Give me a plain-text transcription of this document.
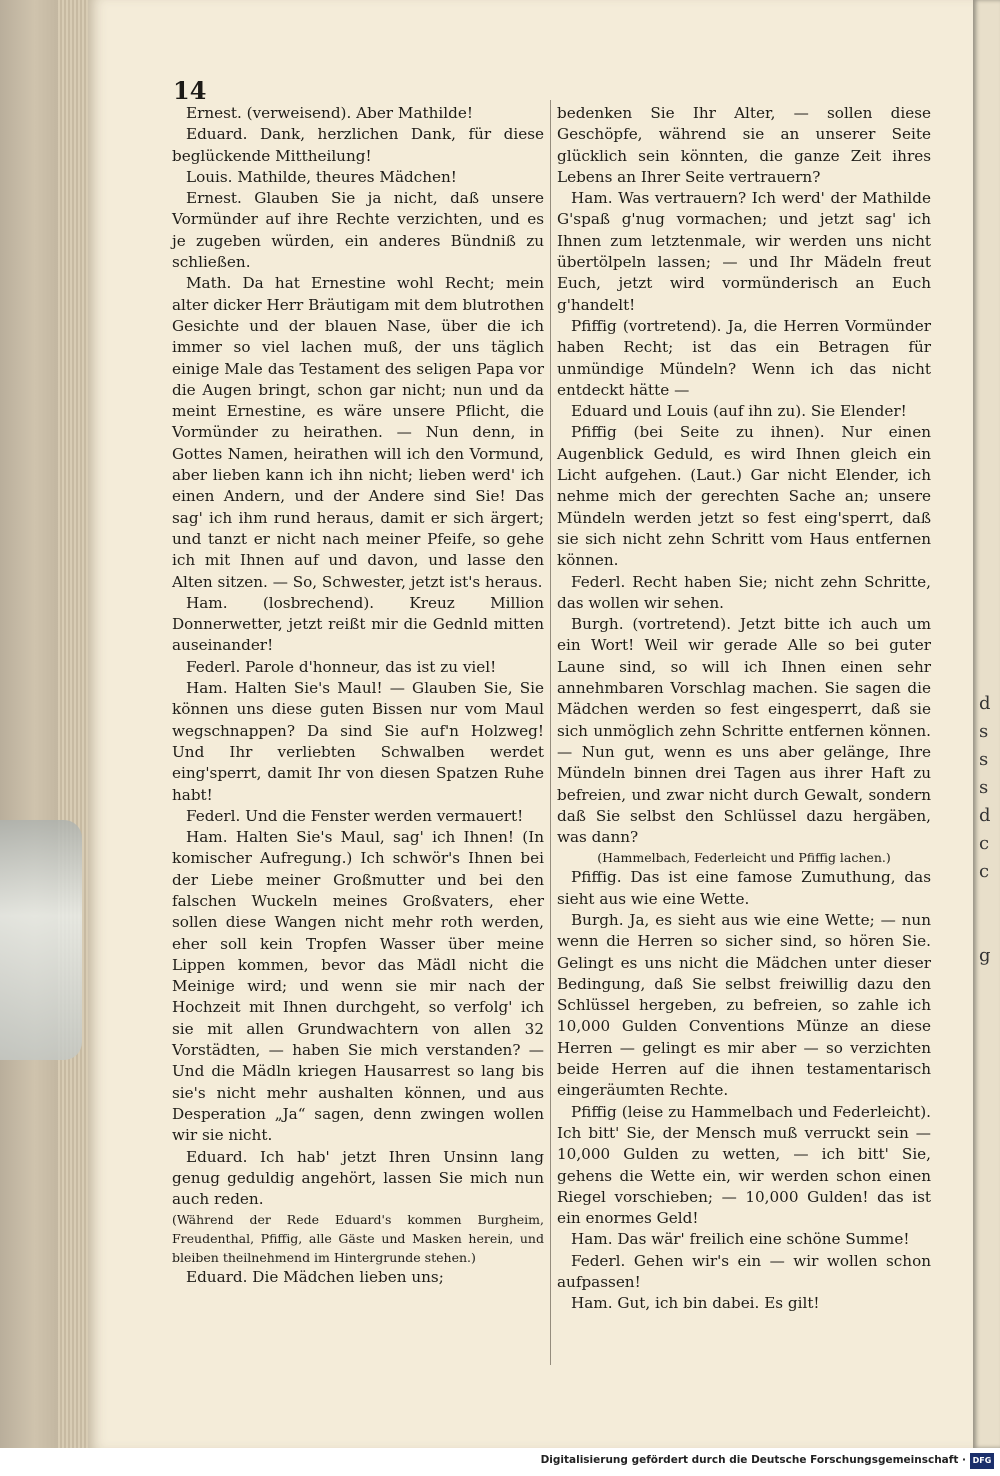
d
s
s
s
d
c
c

g
14

Ernest. (verweisend). Aber Mathilde!

Eduard. Dank, herzlichen Dank, für diese beglückende Mittheilung!

Louis. Mathilde, theures Mädchen!

Ernest. Glauben Sie ja nicht, daß unsere Vormünder auf ihre Rechte verzichten, und es je zugeben würden, ein anderes Bündniß zu schließen.

Math. Da hat Ernestine wohl Recht; mein alter dicker Herr Bräutigam mit dem blutrothen Gesichte und der blauen Nase, über die ich immer so viel lachen muß, der uns täglich einige Male das Testament des seligen Papa vor die Augen bringt, schon gar nicht; nun und da meint Ernestine, es wäre unsere Pflicht, die Vormünder zu heirathen. — Nun denn, in Gottes Namen, heirathen will ich den Vormund, aber lieben kann ich ihn nicht; lieben werd' ich einen Andern, und der Andere sind Sie! Das sag' ich ihm rund heraus, damit er sich ärgert; und tanzt er nicht nach meiner Pfeife, so gehe ich mit Ihnen auf und davon, und lasse den Alten sitzen. — So, Schwester, jetzt ist's heraus.

Ham. (losbrechend). Kreuz Million Donnerwetter, jetzt reißt mir die Gednld mitten auseinander!

Federl. Parole d'honneur, das ist zu viel!

Ham. Halten Sie's Maul! — Glauben Sie, Sie können uns diese guten Bissen nur vom Maul wegschnappen? Da sind Sie auf'n Holzweg! Und Ihr verliebten Schwalben werdet eing'sperrt, damit Ihr von diesen Spatzen Ruhe habt!

Federl. Und die Fenster werden vermauert!

Ham. Halten Sie's Maul, sag' ich Ihnen! (In komischer Aufregung.) Ich schwör's Ihnen bei der Liebe meiner Großmutter und bei den falschen Wuckeln meines Großvaters, eher sollen diese Wangen nicht mehr roth werden, eher soll kein Tropfen Wasser über meine Lippen kommen, bevor das Mädl nicht die Meinige wird; und wenn sie mir nach der Hochzeit mit Ihnen durchgeht, so verfolg' ich sie mit allen Grundwachtern von allen 32 Vorstädten, — haben Sie mich verstanden? — Und die Mädln kriegen Hausarrest so lang bis sie's nicht mehr aushalten können, und aus Desperation „Ja“ sagen, denn zwingen wollen wir sie nicht.

Eduard. Ich hab' jetzt Ihren Unsinn lang genug geduldig angehört, lassen Sie mich nun auch reden.

(Während der Rede Eduard's kommen Burgheim, Freudenthal, Pfiffig, alle Gäste und Masken herein, und bleiben theilnehmend im Hintergrunde stehen.)

Eduard. Die Mädchen lieben uns;

bedenken Sie Ihr Alter, — sollen diese Geschöpfe, während sie an unserer Seite glücklich sein könnten, die ganze Zeit ihres Lebens an Ihrer Seite vertrauern?

Ham. Was vertrauern? Ich werd' der Mathilde G'spaß g'nug vormachen; und jetzt sag' ich Ihnen zum letztenmale, wir werden uns nicht übertölpeln lassen; — und Ihr Mädeln freut Euch, jetzt wird vormünderisch an Euch g'handelt!

Pfiffig (vortretend). Ja, die Herren Vormünder haben Recht; ist das ein Betragen für unmündige Mündeln? Wenn ich das nicht entdeckt hätte —

Eduard und Louis (auf ihn zu). Sie Elender!

Pfiffig (bei Seite zu ihnen). Nur einen Augenblick Geduld, es wird Ihnen gleich ein Licht aufgehen. (Laut.) Gar nicht Elender, ich nehme mich der gerechten Sache an; unsere Mündeln werden jetzt so fest eing'sperrt, daß sie sich nicht zehn Schritt vom Haus entfernen können.

Federl. Recht haben Sie; nicht zehn Schritte, das wollen wir sehen.

Burgh. (vortretend). Jetzt bitte ich auch um ein Wort! Weil wir gerade Alle so bei guter Laune sind, so will ich Ihnen einen sehr annehmbaren Vorschlag machen. Sie sagen die Mädchen werden so fest eingesperrt, daß sie sich unmöglich zehn Schritte entfernen können. — Nun gut, wenn es uns aber gelänge, Ihre Mündeln binnen drei Tagen aus ihrer Haft zu befreien, und zwar nicht durch Gewalt, sondern daß Sie selbst den Schlüssel dazu hergäben, was dann?

(Hammelbach, Federleicht und Pfiffig lachen.)

Pfiffig. Das ist eine famose Zumuthung, das sieht aus wie eine Wette.

Burgh. Ja, es sieht aus wie eine Wette; — nun wenn die Herren so sicher sind, so hören Sie. Gelingt es uns nicht die Mädchen unter dieser Bedingung, daß Sie selbst freiwillig dazu den Schlüssel hergeben, zu befreien, so zahle ich 10,000 Gulden Conventions Münze an diese Herren — gelingt es mir aber — so verzichten beide Herren auf die ihnen testamentarisch eingeräumten Rechte.

Pfiffig (leise zu Hammelbach und Federleicht). Ich bitt' Sie, der Mensch muß verruckt sein — 10,000 Gulden zu wetten, — ich bitt' Sie, gehens die Wette ein, wir werden schon einen Riegel vorschieben; — 10,000 Gulden! das ist ein enormes Geld!

Ham. Das wär' freilich eine schöne Summe!

Federl. Gehen wir's ein — wir wollen schon aufpassen!

Ham. Gut, ich bin dabei. Es gilt!

Digitalisierung gefördert durch die Deutsche Forschungsgemeinschaft · DFG
